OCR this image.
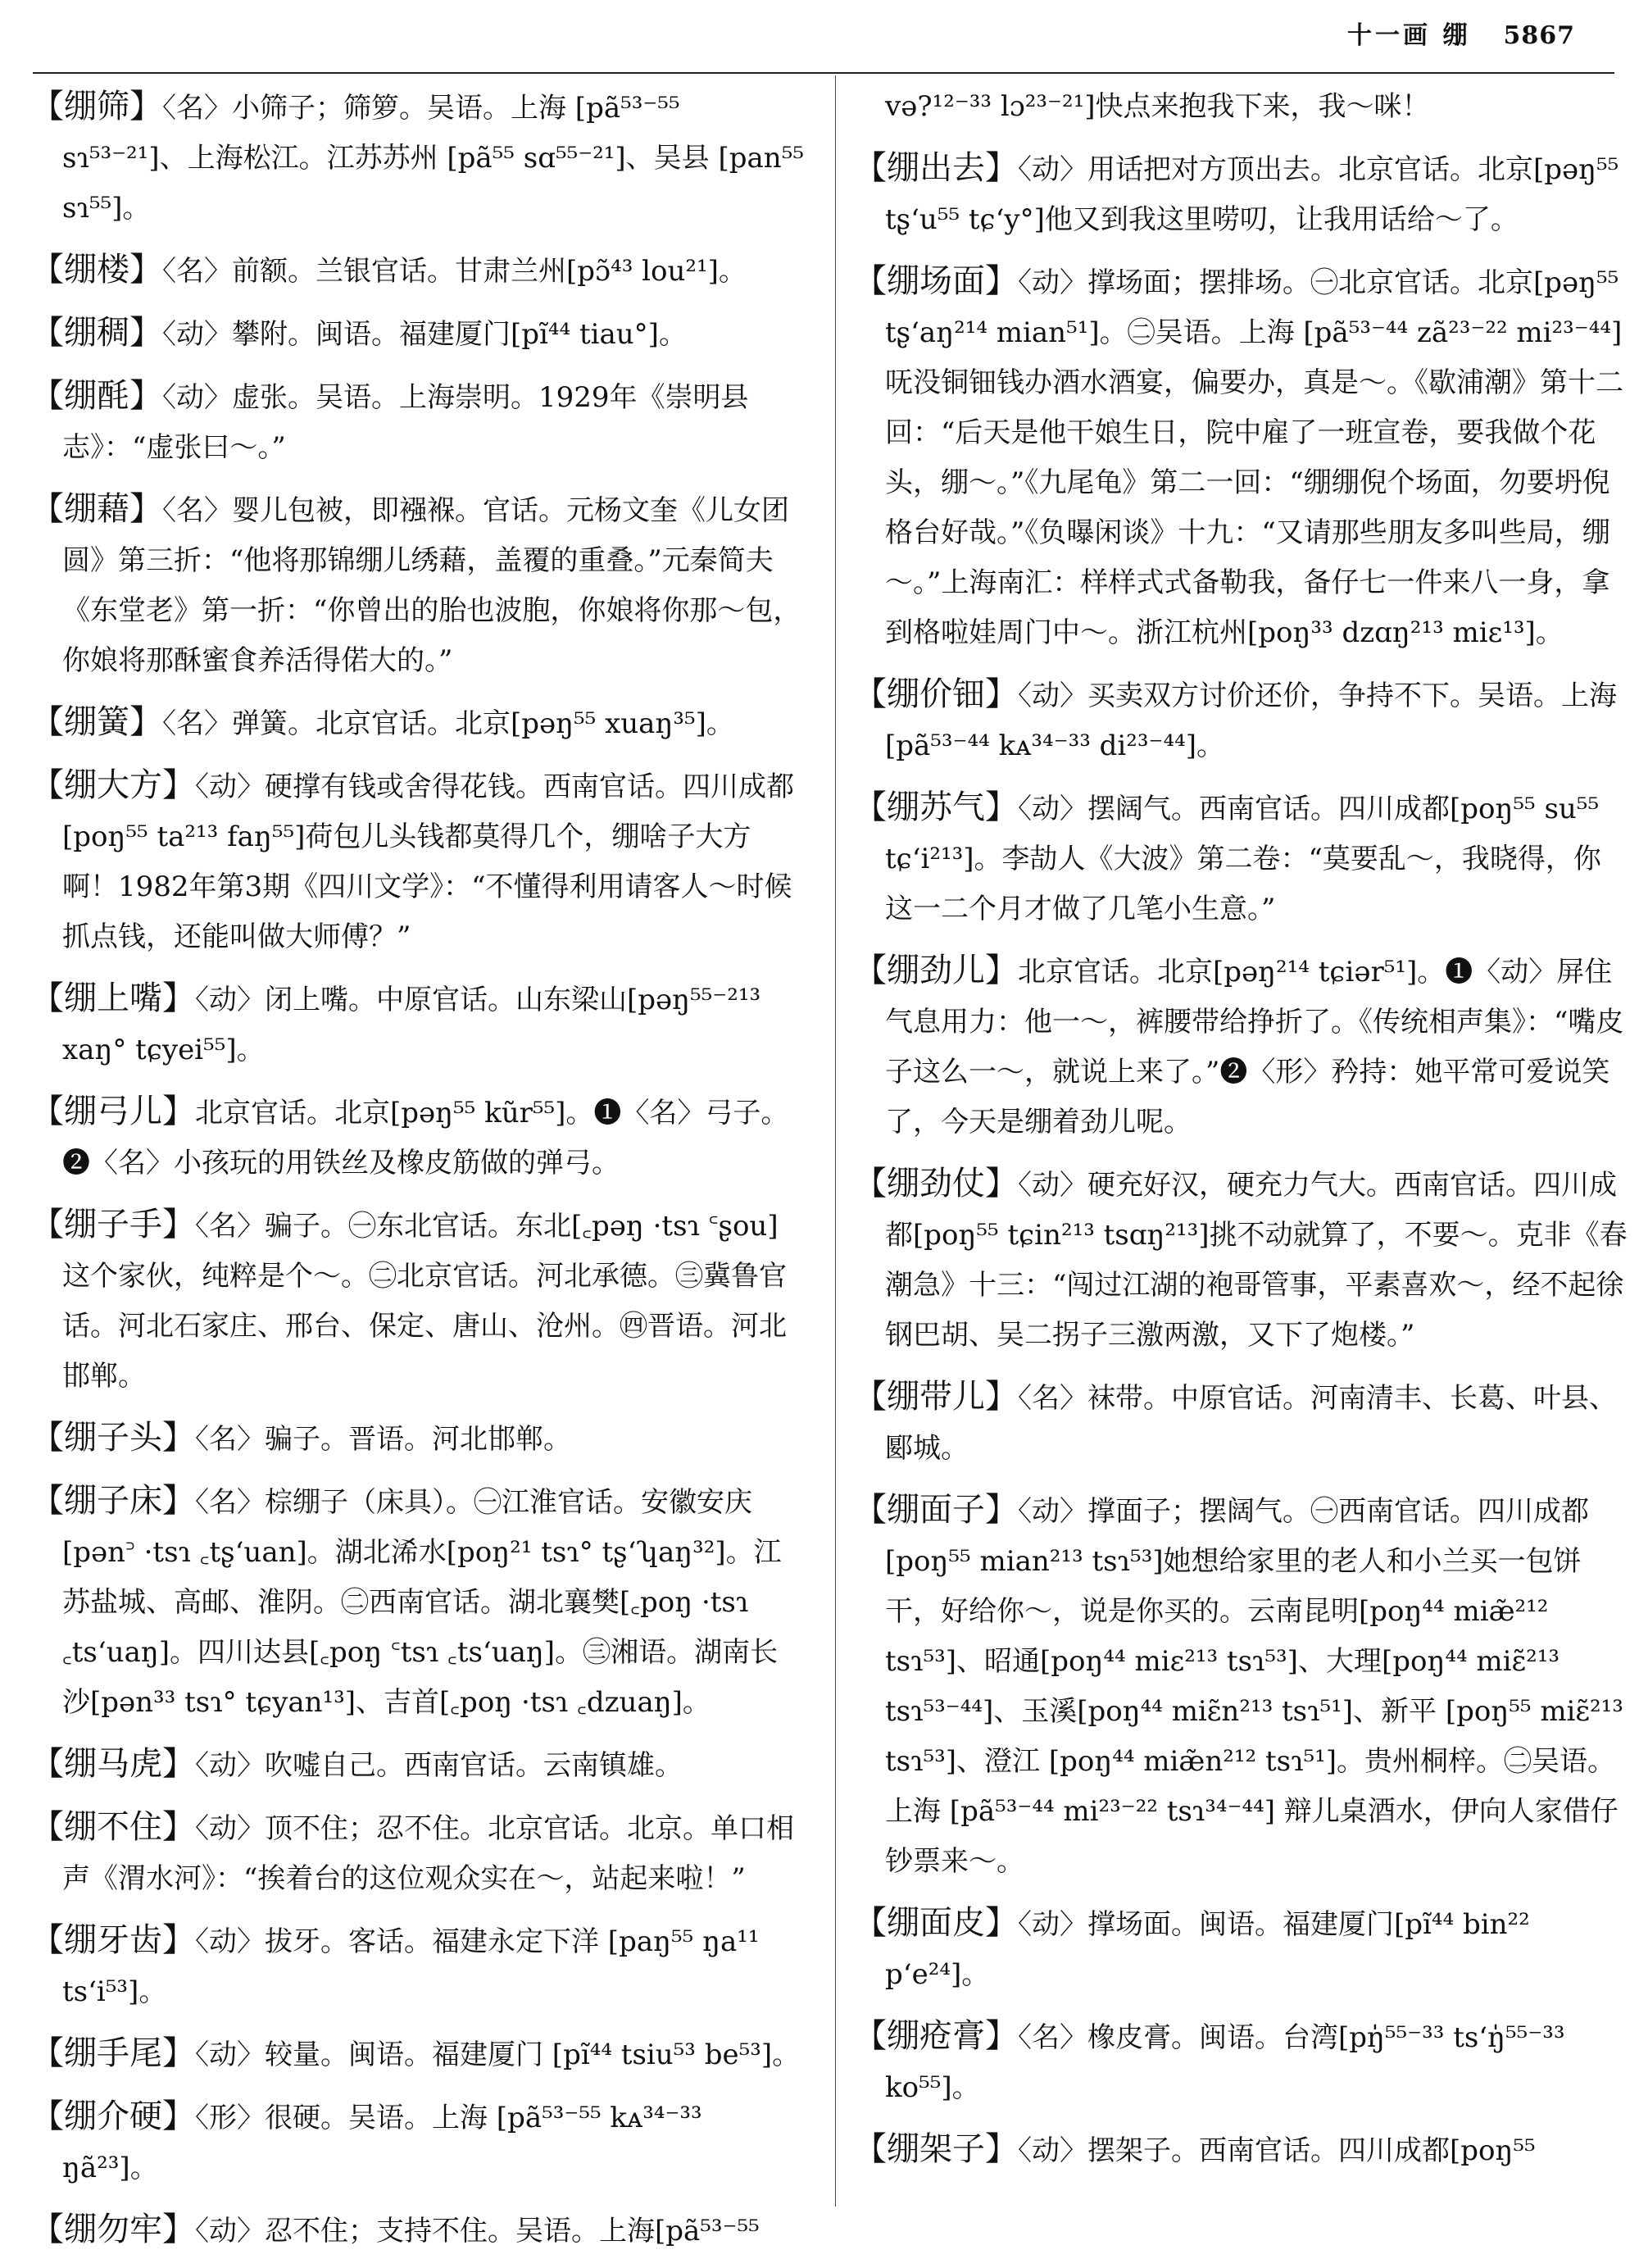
十一画 绷 5867

【绷筛】〈名〉小筛子；筛箩。吴语。上海 [pã⁵³⁻⁵⁵ sɿ⁵³⁻²¹]、上海松江。江苏苏州 [pã⁵⁵ sɑ⁵⁵⁻²¹]、吴县 [pan⁵⁵ sɿ⁵⁵]。

【绷楼】〈名〉前额。兰银官话。甘肃兰州[pɔ̃⁴³ lou²¹]。

【绷稠】〈动〉攀附。闽语。福建厦门[pĩ⁴⁴ tiau°]。

【绷酕】〈动〉虚张。吴语。上海崇明。1929年《崇明县志》：“虚张曰～。”

【绷藉】〈名〉婴儿包被，即襁褓。官话。元杨文奎《儿女团圆》第三折：“他将那锦绷儿绣藉，盖覆的重叠。”元秦简夫《东堂老》第一折：“你曾出的胎也波胞，你娘将你那～包，你娘将那酥蜜食养活得偌大的。”

【绷簧】〈名〉弹簧。北京官话。北京[pəŋ⁵⁵ xuaŋ³⁵]。

【绷大方】〈动〉硬撑有钱或舍得花钱。西南官话。四川成都[poŋ⁵⁵ ta²¹³ faŋ⁵⁵]荷包儿头钱都莫得几个，绷啥子大方啊！1982年第3期《四川文学》：“不懂得利用请客人～时候抓点钱，还能叫做大师傅？”

【绷上嘴】〈动〉闭上嘴。中原官话。山东梁山[pəŋ⁵⁵⁻²¹³ xaŋ° tɕyei⁵⁵]。

【绷弓儿】北京官话。北京[pəŋ⁵⁵ kũr⁵⁵]。❶〈名〉弓子。❷〈名〉小孩玩的用铁丝及橡皮筋做的弹弓。

【绷子手】〈名〉骗子。㊀东北官话。东北[꜀pəŋ ·tsɿ ꜂ʂou]这个家伙，纯粹是个～。㊁北京官话。河北承德。㊂冀鲁官话。河北石家庄、邢台、保定、唐山、沧州。㊃晋语。河北邯郸。

【绷子头】〈名〉骗子。晋语。河北邯郸。

【绷子床】〈名〉棕绷子（床具）。㊀江淮官话。安徽安庆[pən꜄ ·tsɿ ꜀tʂ‘uan]。湖北浠水[poŋ²¹ tsɿ° tʂ‘ʮaŋ³²]。江苏盐城、高邮、淮阴。㊁西南官话。湖北襄樊[꜀poŋ ·tsɿ ꜀ts‘uaŋ]。四川达县[꜀poŋ ꜂tsɿ ꜀ts‘uaŋ]。㊂湘语。湖南长沙[pən³³ tsɿ° tɕyan¹³]、吉首[꜀poŋ ·tsɿ ꜀dzuaŋ]。

【绷马虎】〈动〉吹嘘自己。西南官话。云南镇雄。

【绷不住】〈动〉顶不住；忍不住。北京官话。北京。单口相声《渭水河》：“挨着台的这位观众实在～，站起来啦！”

【绷牙齿】〈动〉拔牙。客话。福建永定下洋 [paŋ⁵⁵ ŋa¹¹ ts‘i⁵³]。

【绷手尾】〈动〉较量。闽语。福建厦门 [pĩ⁴⁴ tsiu⁵³ be⁵³]。

【绷介硬】〈形〉很硬。吴语。上海 [pã⁵³⁻⁵⁵ kᴀ³⁴⁻³³ ŋã²³]。

【绷勿牢】〈动〉忍不住；支持不住。吴语。上海[pã⁵³⁻⁵⁵

və?¹²⁻³³ lɔ²³⁻²¹]快点来抱我下来，我～咪！

【绷出去】〈动〉用话把对方顶出去。北京官话。北京[pəŋ⁵⁵ tʂ‘u⁵⁵ tɕ‘y°]他又到我这里唠叨，让我用话给～了。

【绷场面】〈动〉撑场面；摆排场。㊀北京官话。北京[pəŋ⁵⁵ tʂ‘aŋ²¹⁴ mian⁵¹]。㊁吴语。上海 [pã⁵³⁻⁴⁴ zã²³⁻²² mi²³⁻⁴⁴]呒没铜钿钱办酒水酒宴，偏要办，真是～。《歇浦潮》第十二回：“后天是他干娘生日，院中雇了一班宣卷，要我做个花头，绷～。”《九尾龟》第二一回：“绷绷倪个场面，勿要坍倪格台好哉。”《负曝闲谈》十九：“又请那些朋友多叫些局，绷～。”上海南汇：样样式式备勒我，备仔七一件来八一身，拿到格啦娃周门中～。浙江杭州[poŋ³³ dzɑŋ²¹³ miɛ¹³]。

【绷价钿】〈动〉买卖双方讨价还价，争持不下。吴语。上海 [pã⁵³⁻⁴⁴ kᴀ³⁴⁻³³ di²³⁻⁴⁴]。

【绷苏气】〈动〉摆阔气。西南官话。四川成都[poŋ⁵⁵ su⁵⁵ tɕ‘i²¹³]。李劼人《大波》第二卷：“莫要乱～，我晓得，你这一二个月才做了几笔小生意。”

【绷劲儿】北京官话。北京[pəŋ²¹⁴ tɕiər⁵¹]。❶〈动〉屏住气息用力：他一～，裤腰带给挣折了。《传统相声集》：“嘴皮子这么一～，就说上来了。”❷〈形〉矜持：她平常可爱说笑了，今天是绷着劲儿呢。

【绷劲仗】〈动〉硬充好汉，硬充力气大。西南官话。四川成都[poŋ⁵⁵ tɕin²¹³ tsɑŋ²¹³]挑不动就算了，不要～。克非《春潮急》十三：“闯过江湖的袍哥管事，平素喜欢～，经不起徐钢巴胡、吴二拐子三激两激，又下了炮楼。”

【绷带儿】〈名〉袜带。中原官话。河南清丰、长葛、叶县、郾城。

【绷面子】〈动〉撑面子；摆阔气。㊀西南官话。四川成都 [poŋ⁵⁵ mian²¹³ tsɿ⁵³]她想给家里的老人和小兰买一包饼干，好给你～，说是你买的。云南昆明[poŋ⁴⁴ miæ̃²¹² tsɿ⁵³]、昭通[poŋ⁴⁴ miɛ²¹³ tsɿ⁵³]、大理[poŋ⁴⁴ miɛ̃²¹³ tsɿ⁵³⁻⁴⁴]、玉溪[poŋ⁴⁴ miɛ̃n²¹³ tsɿ⁵¹]、新平 [poŋ⁵⁵ miɛ̃²¹³ tsɿ⁵³]、澄江 [poŋ⁴⁴ miæ̃n²¹² tsɿ⁵¹]。贵州桐梓。㊁吴语。上海 [pã⁵³⁻⁴⁴ mi²³⁻²² tsɿ³⁴⁻⁴⁴] 辩儿桌酒水，伊向人家借仔钞票来～。

【绷面皮】〈动〉撑场面。闽语。福建厦门[pĩ⁴⁴ bin²² p‘e²⁴]。

【绷疮膏】〈名〉橡皮膏。闽语。台湾[pŋ̍⁵⁵⁻³³ ts‘ŋ̍⁵⁵⁻³³ ko⁵⁵]。

【绷架子】〈动〉摆架子。西南官话。四川成都[poŋ⁵⁵
